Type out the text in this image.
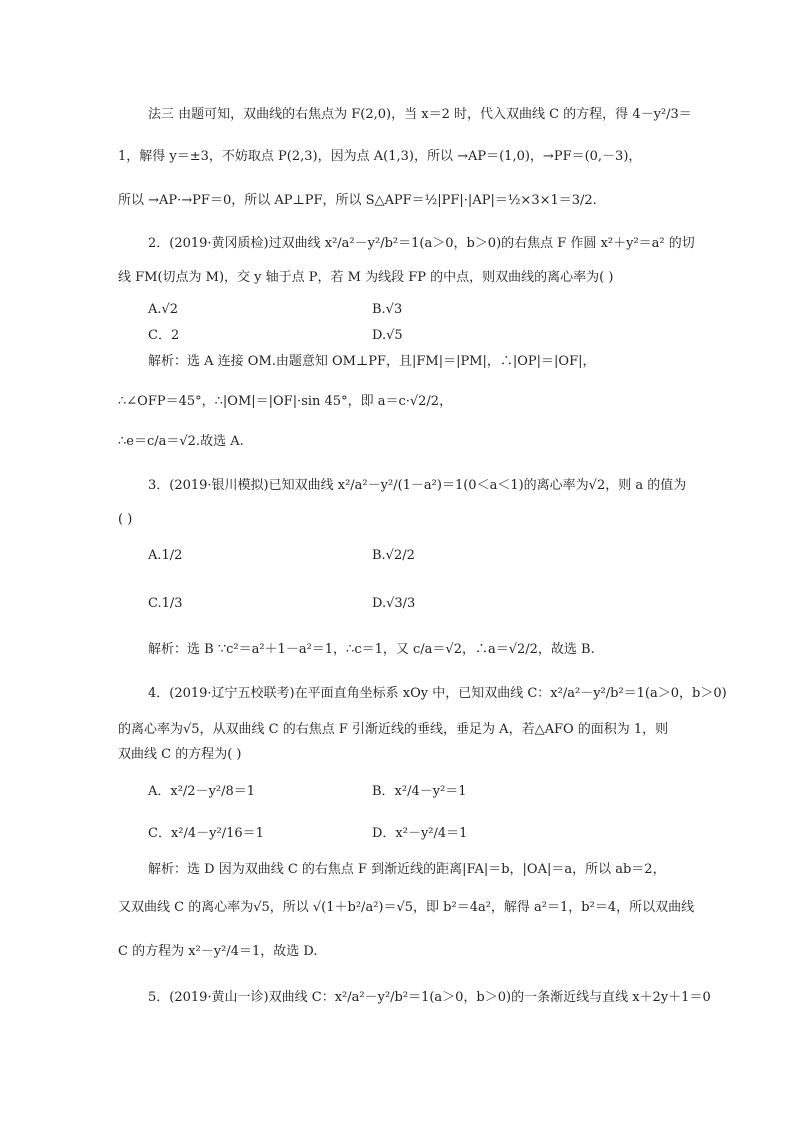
法三 由题可知，双曲线的右焦点为 F(2,0)，当 x＝2 时，代入双曲线 C 的方程，得 4－y²/3＝
1，解得 y＝±3，不妨取点 P(2,3)，因为点 A(1,3)，所以 →AP＝(1,0)，→PF＝(0,－3)，
所以 →AP·→PF＝0，所以 AP⊥PF，所以 S△APF＝½|PF|·|AP|＝½×3×1＝3/2.
2．(2019·黄冈质检)过双曲线 x²/a²－y²/b²＝1(a＞0，b＞0)的右焦点 F 作圆 x²＋y²＝a² 的切
线 FM(切点为 M)，交 y 轴于点 P，若 M 为线段 FP 的中点，则双曲线的离心率为( )
A.√2	B.√3
C．2	D.√5
解析：选 A 连接 OM.由题意知 OM⊥PF，且|FM|＝|PM|，∴|OP|＝|OF|，
∴∠OFP＝45°，∴|OM|＝|OF|·sin 45°，即 a＝c·√2/2，
∴e＝c/a＝√2.故选 A.
3．(2019·银川模拟)已知双曲线 x²/a²－y²/(1－a²)＝1(0＜a＜1)的离心率为√2，则 a 的值为
( )
A.1/2	B.√2/2
C.1/3	D.√3/3
解析：选 B ∵c²＝a²＋1－a²＝1，∴c＝1，又 c/a＝√2，∴a＝√2/2，故选 B.
4．(2019·辽宁五校联考)在平面直角坐标系 xOy 中，已知双曲线 C：x²/a²－y²/b²＝1(a＞0，b＞0)
的离心率为√5，从双曲线 C 的右焦点 F 引渐近线的垂线，垂足为 A，若△AFO 的面积为 1，则
双曲线 C 的方程为( )
A．x²/2－y²/8＝1	B．x²/4－y²＝1
C．x²/4－y²/16＝1	D．x²－y²/4＝1
解析：选 D 因为双曲线 C 的右焦点 F 到渐近线的距离|FA|＝b，|OA|＝a，所以 ab＝2，
又双曲线 C 的离心率为√5，所以 √(1＋b²/a²)＝√5，即 b²＝4a²，解得 a²＝1，b²＝4，所以双曲线
C 的方程为 x²－y²/4＝1，故选 D.
5．(2019·黄山一诊)双曲线 C：x²/a²－y²/b²＝1(a＞0，b＞0)的一条渐近线与直线 x＋2y＋1＝0
